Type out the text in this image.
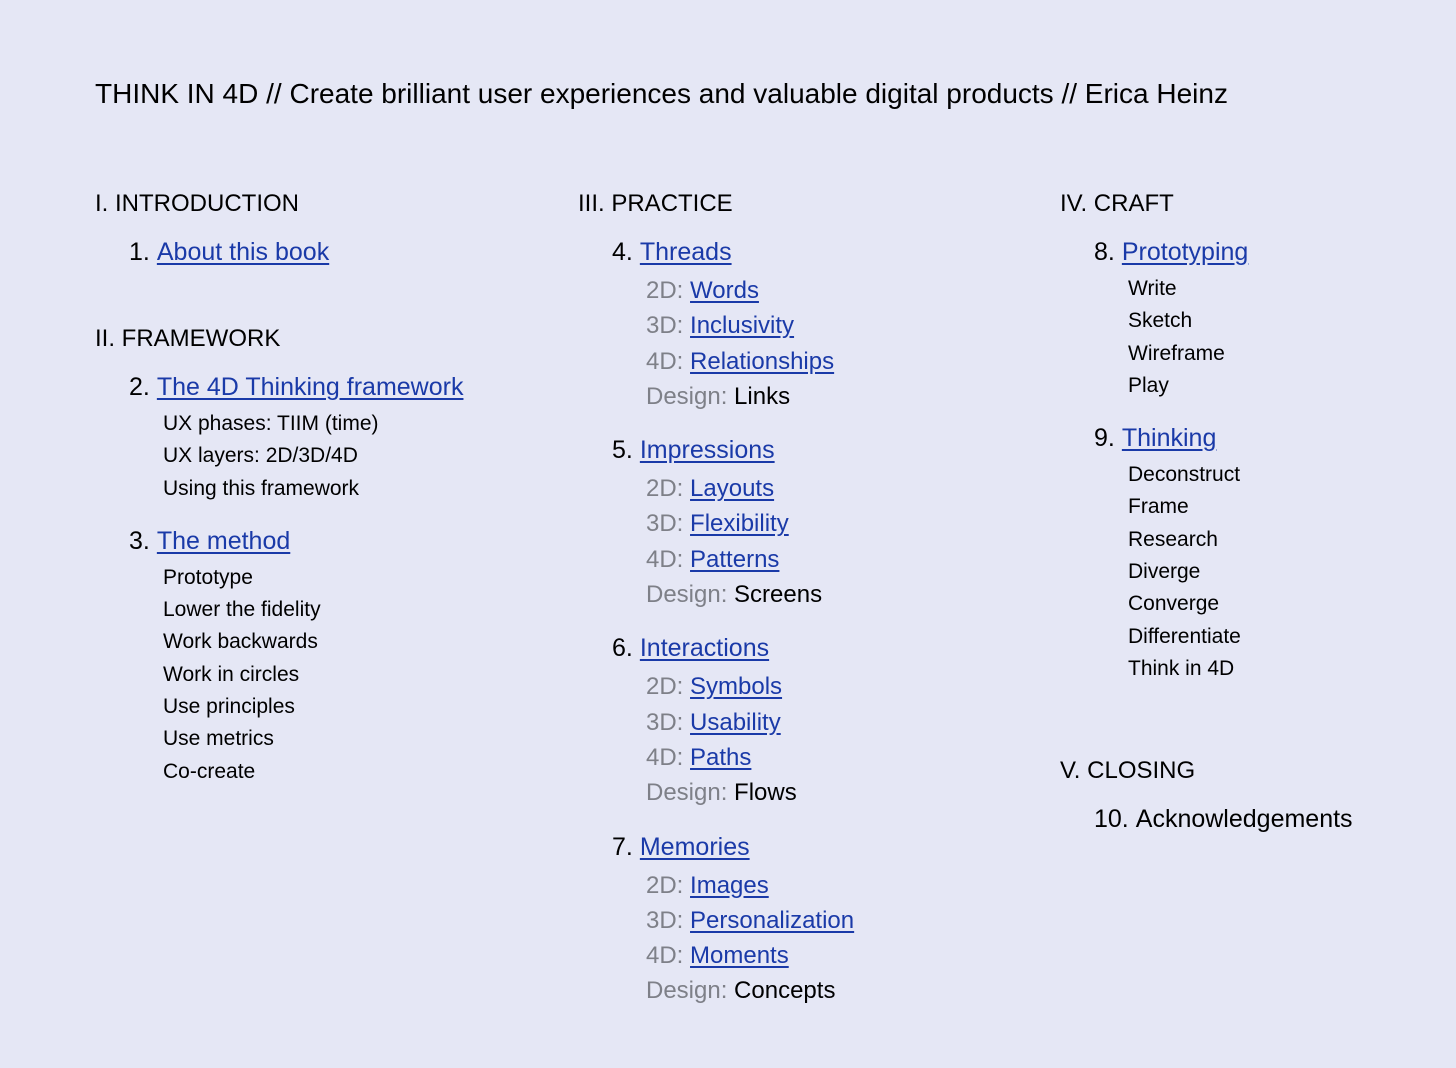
THINK IN 4D // Create brilliant user experiences and valuable digital products // Erica Heinz
I. INTRODUCTION
1. About this book
II. FRAMEWORK
2. The 4D Thinking framework
UX phases: TIIM (time)
UX layers: 2D/3D/4D
Using this framework
3. The method
Prototype
Lower the fidelity
Work backwards
Work in circles
Use principles
Use metrics
Co-create
III. PRACTICE
4. Threads
2D: Words
3D: Inclusivity
4D: Relationships
Design: Links
5. Impressions
2D: Layouts
3D: Flexibility
4D: Patterns
Design: Screens
6. Interactions
2D: Symbols
3D: Usability
4D: Paths
Design: Flows
7. Memories
2D: Images
3D: Personalization
4D: Moments
Design: Concepts
IV. CRAFT
8. Prototyping
Write
Sketch
Wireframe
Play
9. Thinking
Deconstruct
Frame
Research
Diverge
Converge
Differentiate
Think in 4D
V. CLOSING
10. Acknowledgements
